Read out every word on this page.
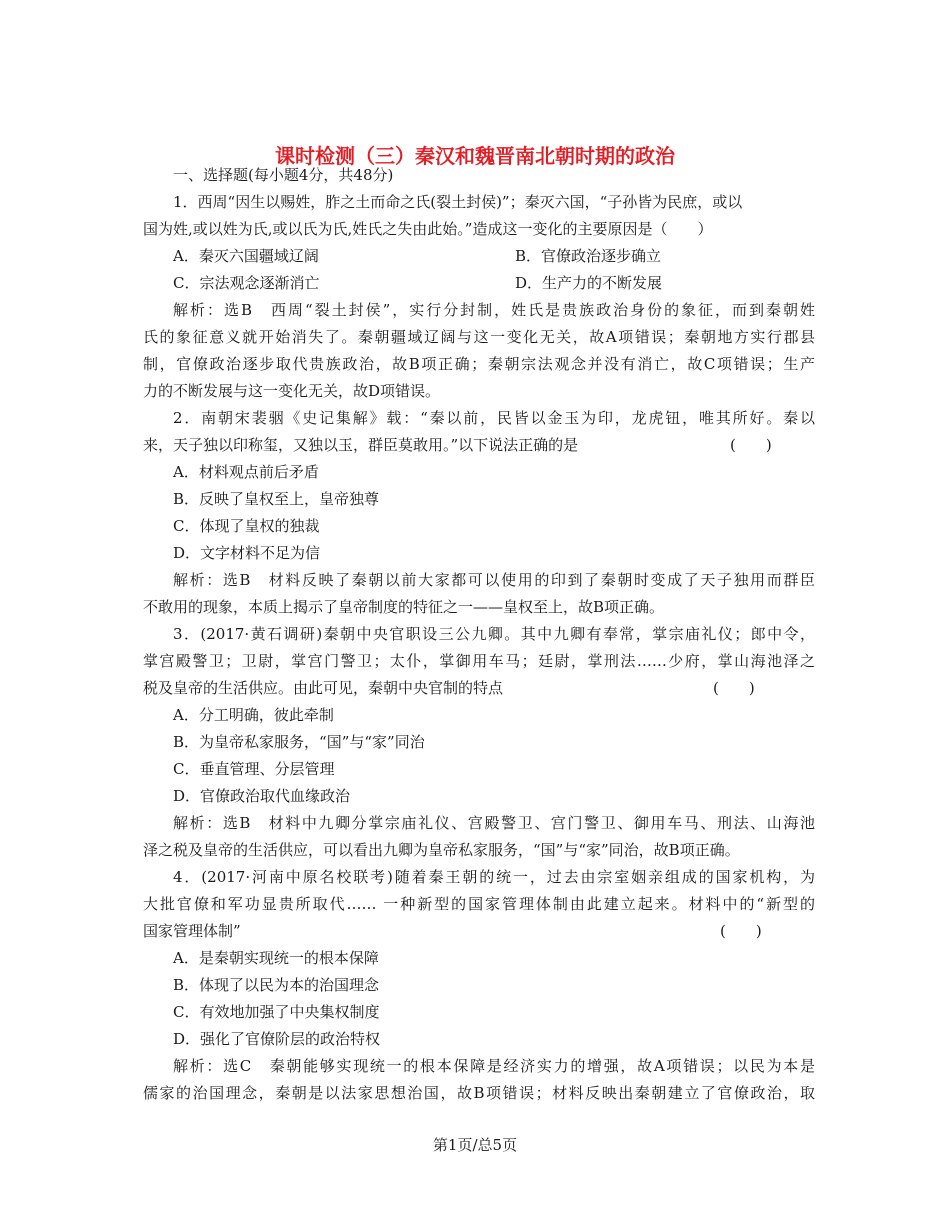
课时检测（三）秦汉和魏晋南北朝时期的政治
一、选择题(每小题4分，共48分)
1．西周“因生以赐姓，胙之土而命之氏(裂土封侯)”；秦灭六国，“子孙皆为民庶，或以
国为姓,或以姓为氏,或以氏为氏,姓氏之失由此始。”造成这一变化的主要原因是（　　）
A．秦灭六国疆域辽阔	B．官僚政治逐步确立
C．宗法观念逐渐消亡	D．生产力的不断发展
解析：选B　西周“裂土封侯”，实行分封制，姓氏是贵族政治身份的象征，而到秦朝姓
氏的象征意义就开始消失了。秦朝疆域辽阔与这一变化无关，故A项错误；秦朝地方实行郡县
制，官僚政治逐步取代贵族政治，故B项正确；秦朝宗法观念并没有消亡，故C项错误；生产
力的不断发展与这一变化无关，故D项错误。
2．南朝宋裴骃《史记集解》载：“秦以前，民皆以金玉为印，龙虎钮，唯其所好。秦以
来，天子独以印称玺，又独以玉，群臣莫敢用。”以下说法正确的是	(　　)
A．材料观点前后矛盾
B．反映了皇权至上，皇帝独尊
C．体现了皇权的独裁
D．文字材料不足为信
解析：选B　材料反映了秦朝以前大家都可以使用的印到了秦朝时变成了天子独用而群臣
不敢用的现象，本质上揭示了皇帝制度的特征之一——皇权至上，故B项正确。
3．(2017·黄石调研)秦朝中央官职设三公九卿。其中九卿有奉常，掌宗庙礼仪；郎中令，
掌宫殿警卫；卫尉，掌宫门警卫；太仆，掌御用车马；廷尉，掌刑法……少府，掌山海池泽之
税及皇帝的生活供应。由此可见，秦朝中央官制的特点	(　　)
A．分工明确，彼此牵制
B．为皇帝私家服务，“国”与“家”同治
C．垂直管理、分层管理
D．官僚政治取代血缘政治
解析：选B　材料中九卿分掌宗庙礼仪、宫殿警卫、宫门警卫、御用车马、刑法、山海池
泽之税及皇帝的生活供应，可以看出九卿为皇帝私家服务，“国”与“家”同治，故B项正确。
4．(2017·河南中原名校联考)随着秦王朝的统一，过去由宗室姻亲组成的国家机构，为
大批官僚和军功显贵所取代…… 一种新型的国家管理体制由此建立起来。材料中的“新型的
国家管理体制”	(　　)
A．是秦朝实现统一的根本保障
B．体现了以民为本的治国理念
C．有效地加强了中央集权制度
D．强化了官僚阶层的政治特权
解析：选C　秦朝能够实现统一的根本保障是经济实力的增强，故A项错误；以民为本是
儒家的治国理念，秦朝是以法家思想治国，故B项错误；材料反映出秦朝建立了官僚政治，取
第1页/总5页
